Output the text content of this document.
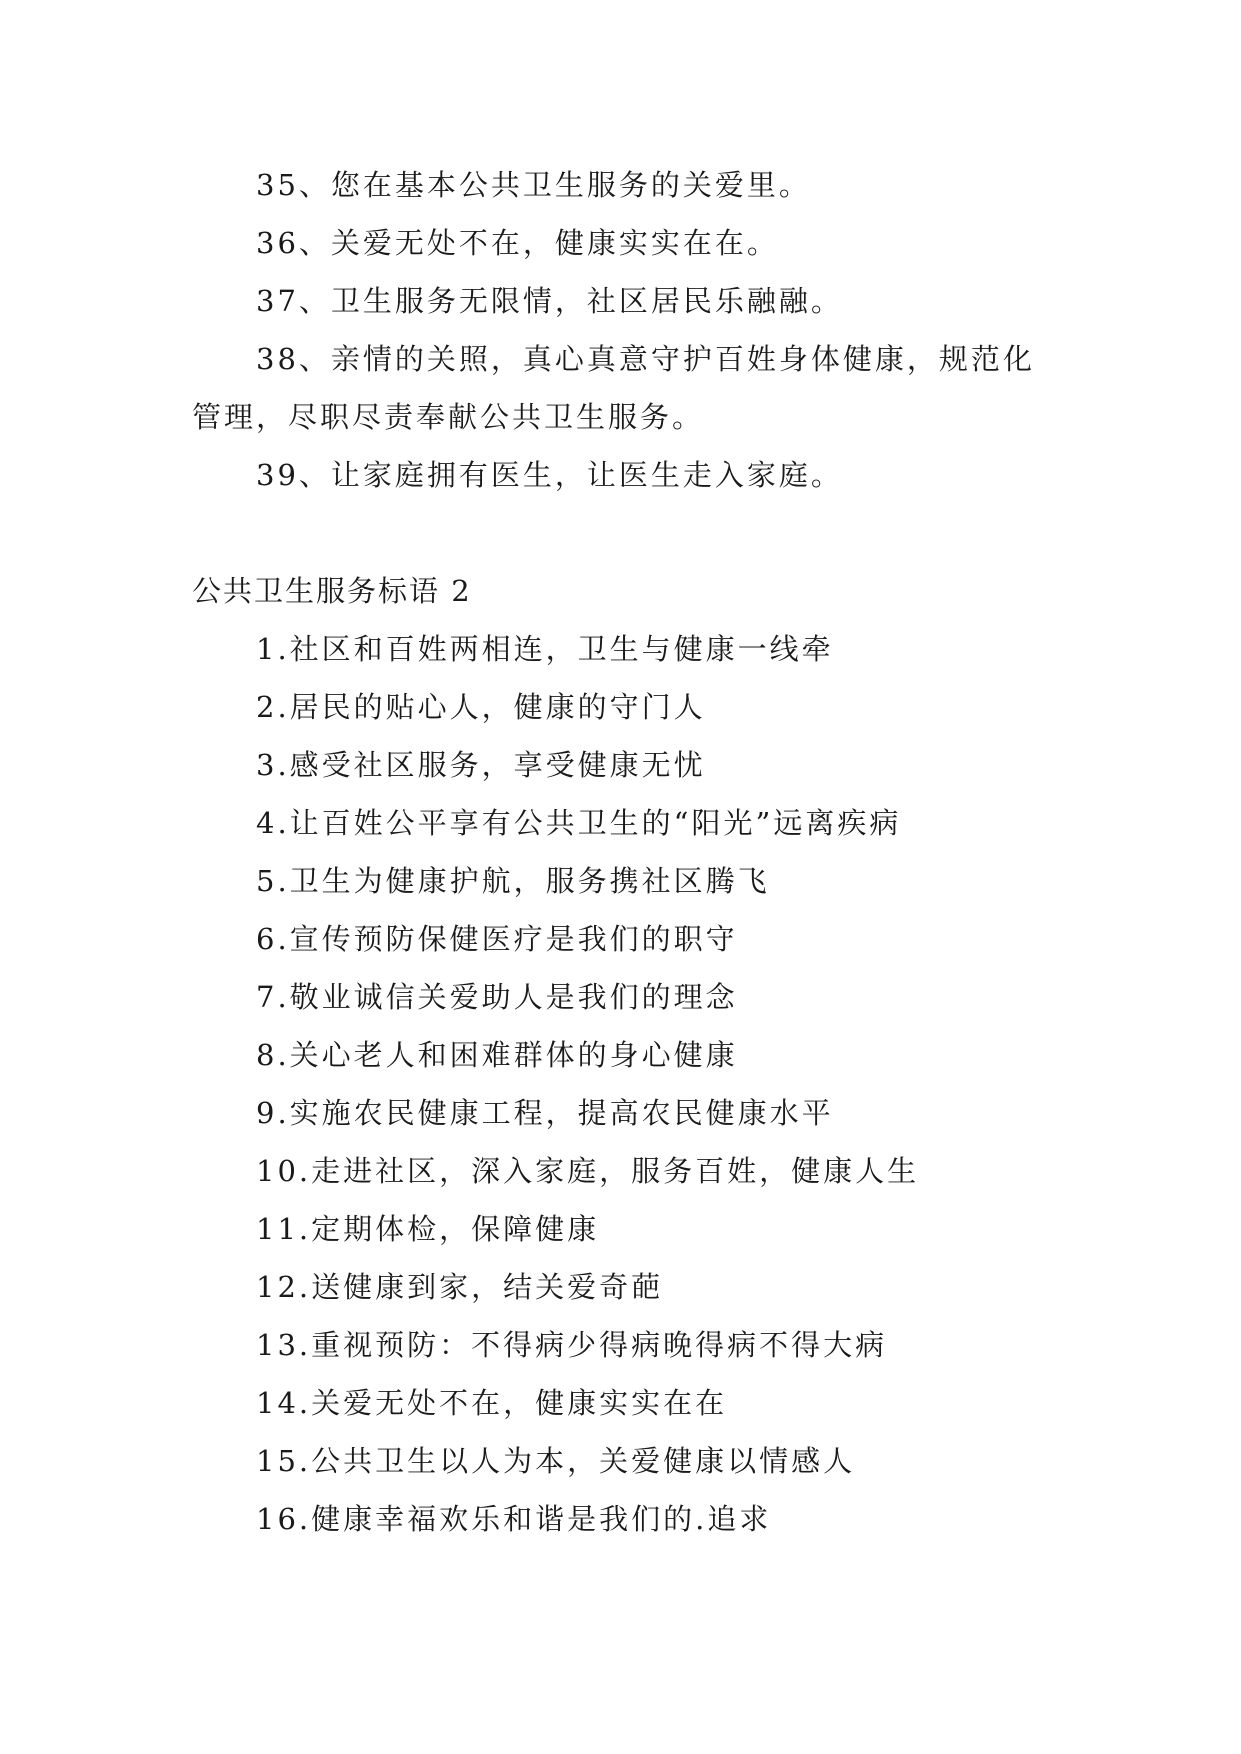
35、您在基本公共卫生服务的关爱里。

36、关爱无处不在，健康实实在在。

37、卫生服务无限情，社区居民乐融融。

38、亲情的关照，真心真意守护百姓身体健康，规范化管理，尽职尽责奉献公共卫生服务。

39、让家庭拥有医生，让医生走入家庭。

公共卫生服务标语 2
1.社区和百姓两相连，卫生与健康一线牵
2.居民的贴心人，健康的守门人
3.感受社区服务，享受健康无忧
4.让百姓公平享有公共卫生的“阳光”远离疾病
5.卫生为健康护航，服务携社区腾飞
6.宣传预防保健医疗是我们的职守
7.敬业诚信关爱助人是我们的理念
8.关心老人和困难群体的身心健康
9.实施农民健康工程，提高农民健康水平
10.走进社区，深入家庭，服务百姓，健康人生
11.定期体检，保障健康
12.送健康到家，结关爱奇葩
13.重视预防：不得病少得病晚得病不得大病
14.关爱无处不在，健康实实在在
15.公共卫生以人为本，关爱健康以情感人
16.健康幸福欢乐和谐是我们的.追求
